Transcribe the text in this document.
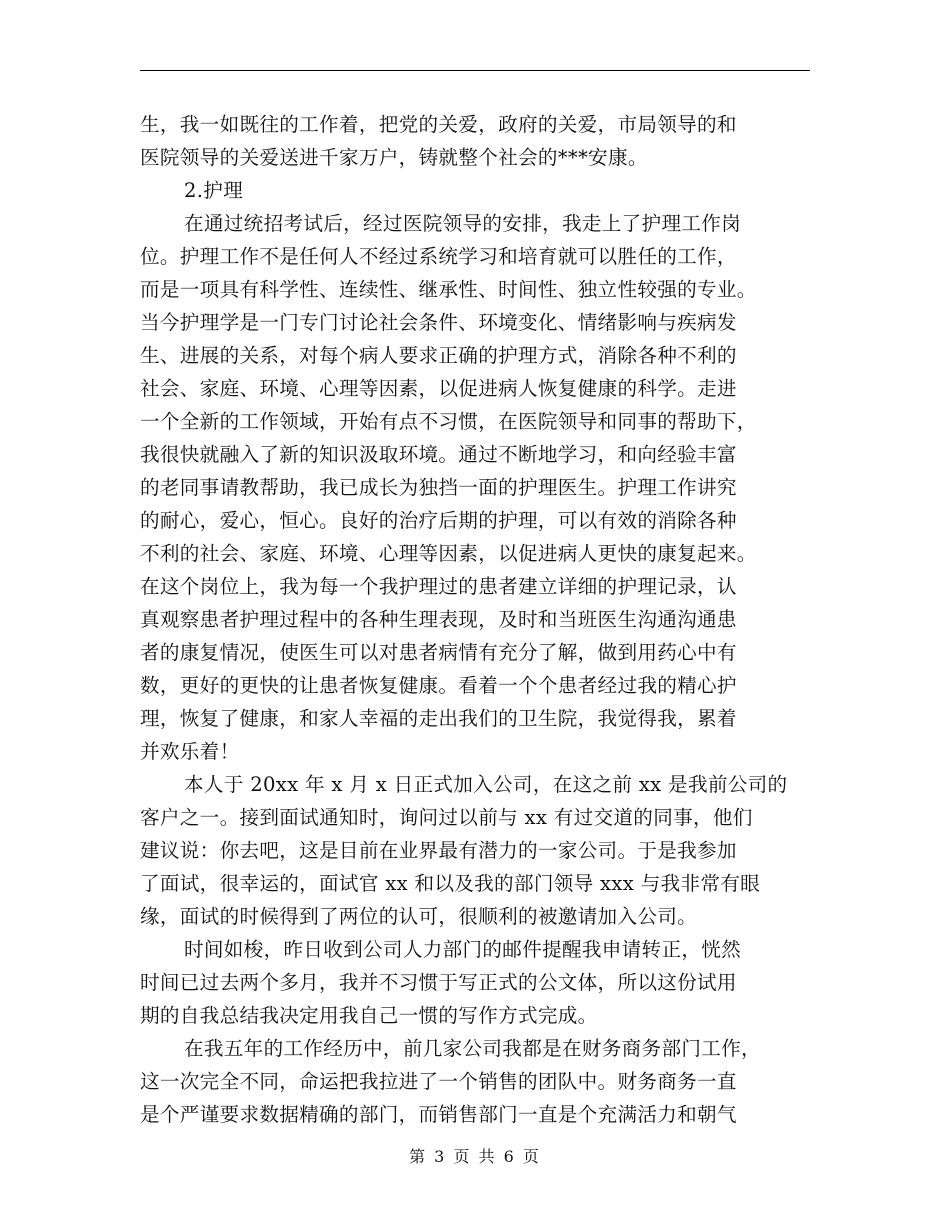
生，我一如既往的工作着，把党的关爱，政府的关爱，市局领导的和
医院领导的关爱送进千家万户，铸就整个社会的***安康。
2.护理
在通过统招考试后，经过医院领导的安排，我走上了护理工作岗
位。护理工作不是任何人不经过系统学习和培育就可以胜任的工作，
而是一项具有科学性、连续性、继承性、时间性、独立性较强的专业。
当今护理学是一门专门讨论社会条件、环境变化、情绪影响与疾病发
生、进展的关系，对每个病人要求正确的护理方式，消除各种不利的
社会、家庭、环境、心理等因素，以促进病人恢复健康的科学。走进
一个全新的工作领域，开始有点不习惯，在医院领导和同事的帮助下，
我很快就融入了新的知识汲取环境。通过不断地学习，和向经验丰富
的老同事请教帮助，我已成长为独挡一面的护理医生。护理工作讲究
的耐心，爱心，恒心。良好的治疗后期的护理，可以有效的消除各种
不利的社会、家庭、环境、心理等因素，以促进病人更快的康复起来。
在这个岗位上，我为每一个我护理过的患者建立详细的护理记录，认
真观察患者护理过程中的各种生理表现，及时和当班医生沟通沟通患
者的康复情况，使医生可以对患者病情有充分了解，做到用药心中有
数，更好的更快的让患者恢复健康。看着一个个患者经过我的精心护
理，恢复了健康，和家人幸福的走出我们的卫生院，我觉得我，累着
并欢乐着！
本人于 20xx 年 x 月 x 日正式加入公司，在这之前 xx 是我前公司的
客户之一。接到面试通知时，询问过以前与 xx 有过交道的同事，他们
建议说：你去吧，这是目前在业界最有潜力的一家公司。于是我参加
了面试，很幸运的，面试官 xx 和以及我的部门领导 xxx 与我非常有眼
缘，面试的时候得到了两位的认可，很顺利的被邀请加入公司。
时间如梭，昨日收到公司人力部门的邮件提醒我申请转正，恍然
时间已过去两个多月，我并不习惯于写正式的公文体，所以这份试用
期的自我总结我决定用我自己一惯的写作方式完成。
在我五年的工作经历中，前几家公司我都是在财务商务部门工作，
这一次完全不同，命运把我拉进了一个销售的团队中。财务商务一直
是个严谨要求数据精确的部门，而销售部门一直是个充满活力和朝气
第 3 页 共 6 页
